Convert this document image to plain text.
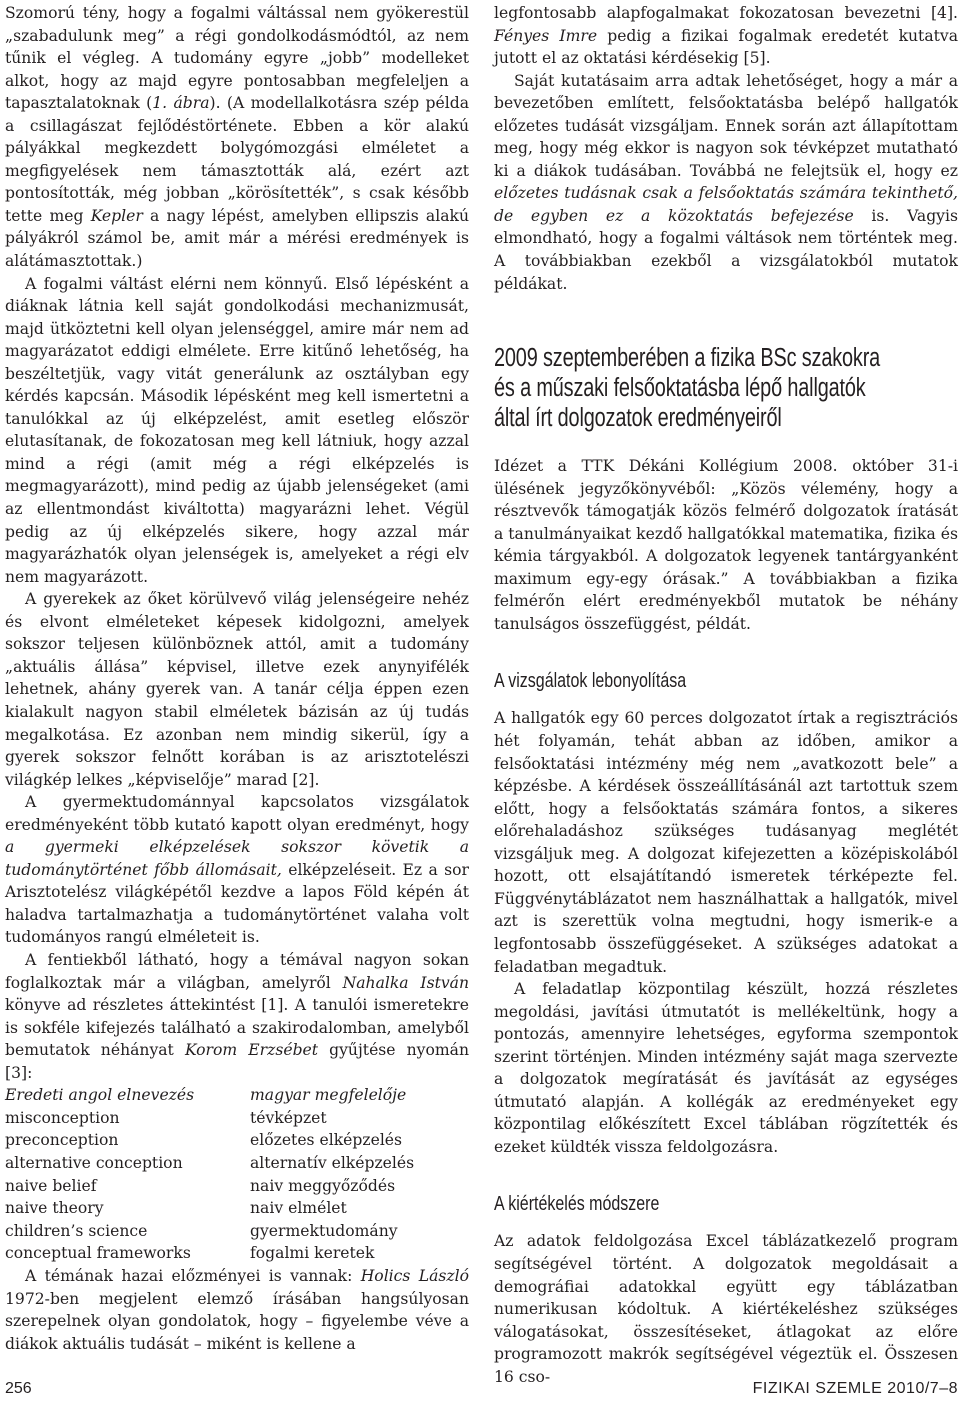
Szomorú tény, hogy a fogalmi váltással nem gyökerestül „szabadulunk meg” a régi gondolkodásmódtól, az nem tűnik el végleg. A tudomány egyre „jobb” modelleket alkot, hogy az majd egyre pontosabban megfeleljen a tapasztalatoknak (1. ábra). (A modellalkotásra szép példa a csillagászat fejlődéstörténete. Ebben a kör alakú pályákkal megkezdett bolygómozgási elméletet a megfigyelések nem támasztották alá, ezért azt pontosították, még jobban „körösítették”, s csak később tette meg Kepler a nagy lépést, amelyben ellipszis alakú pályákról számol be, amit már a mérési eredmények is alátámasztottak.)

A fogalmi váltást elérni nem könnyű. Első lépésként a diáknak látnia kell saját gondolkodási mechanizmusát, majd ütköztetni kell olyan jelenséggel, amire már nem ad magyarázatot eddigi elmélete. Erre kitűnő lehetőség, ha beszéltetjük, vagy vitát generálunk az osztályban egy kérdés kapcsán. Második lépésként meg kell ismertetni a tanulókkal az új elképzelést, amit esetleg először elutasítanak, de fokozatosan meg kell látniuk, hogy azzal mind a régi (amit még a régi elképzelés is megmagyarázott), mind pedig az újabb jelenségeket (ami az ellentmondást kiváltotta) magyarázni lehet. Végül pedig az új elképzelés sikere, hogy azzal már magyarázhatók olyan jelenségek is, amelyeket a régi elv nem magyarázott.

A gyerekek az őket körülvevő világ jelenségeire nehéz és elvont elméleteket képesek kidolgozni, amelyek sokszor teljesen különböznek attól, amit a tudomány „aktuális állása” képvisel, illetve ezek anynyifélék lehetnek, ahány gyerek van. A tanár célja éppen ezen kialakult nagyon stabil elméletek bázisán az új tudás megalkotása. Ez azonban nem mindig sikerül, így a gyerek sokszor felnőtt korában is az arisztotelészi világkép lelkes „képviselője” marad [2].

A gyermektudománnyal kapcsolatos vizsgálatok eredményeként több kutató kapott olyan eredményt, hogy a gyermeki elképzelések sokszor követik a tudománytörténet főbb állomásait, elképzeléseit. Ez a sor Arisztotelész világképétől kezdve a lapos Föld képén át haladva tartalmazhatja a tudománytörténet valaha volt tudományos rangú elméleteit is.

A fentiekből látható, hogy a témával nagyon sokan foglalkoztak már a világban, amelyről Nahalka István könyve ad részletes áttekintést [1]. A tanulói ismeretekre is sokféle kifejezés található a szakirodalomban, amelyből bemutatok néhányat Korom Erzsébet gyűjtése nyomán [3]:

Eredeti angol elnevezés	magyar megfelelője
misconception	tévképzet
preconception	előzetes elképzelés
alternative conception	alternatív elképzelés
naive belief	naiv meggyőződés
naive theory	naiv elmélet
children’s science	gyermektudomány
conceptual frameworks	fogalmi keretek

A témának hazai előzményei is vannak: Holics László 1972-ben megjelent elemző írásában hangsúlyosan szerepelnek olyan gondolatok, hogy – figyelembe véve a diákok aktuális tudását – miként is kellene a

legfontosabb alapfogalmakat fokozatosan bevezetni [4]. Fényes Imre pedig a fizikai fogalmak eredetét kutatva jutott el az oktatási kérdésekig [5].

Saját kutatásaim arra adtak lehetőséget, hogy a már a bevezetőben említett, felsőoktatásba belépő hallgatók előzetes tudását vizsgáljam. Ennek során azt állapítottam meg, hogy még ekkor is nagyon sok tévképzet mutatható ki a diákok tudásában. Továbbá ne felejtsük el, hogy ez előzetes tudásnak csak a felsőoktatás számára tekinthető, de egyben ez a közoktatás befejezése is. Vagyis elmondható, hogy a fogalmi váltások nem történtek meg. A továbbiakban ezekből a vizsgálatokból mutatok példákat.

2009 szeptemberében a fizika BSc szakokra
és a műszaki felsőoktatásba lépő hallgatók
által írt dolgozatok eredményeiről

Idézet a TTK Dékáni Kollégium 2008. október 31-i ülésének jegyzőkönyvéből: „Közös vélemény, hogy a résztvevők támogatják közös felmérő dolgozatok íratását a tanulmányaikat kezdő hallgatókkal matematika, fizika és kémia tárgyakból. A dolgozatok legyenek tantárgyanként maximum egy-egy órásak.” A továbbiakban a fizika felmérőn elért eredményekből mutatok be néhány tanulságos összefüggést, példát.

A vizsgálatok lebonyolítása

A hallgatók egy 60 perces dolgozatot írtak a regisztrációs hét folyamán, tehát abban az időben, amikor a felsőoktatási intézmény még nem „avatkozott bele” a képzésbe. A kérdések összeállításánál azt tartottuk szem előtt, hogy a felsőoktatás számára fontos, a sikeres előrehaladáshoz szükséges tudásanyag meglétét vizsgáljuk meg. A dolgozat kifejezetten a középiskolából hozott, ott elsajátítandó ismeretek térképezte fel. Függvénytáblázatot nem használhattak a hallgatók, mivel azt is szerettük volna megtudni, hogy ismerik-e a legfontosabb összefüggéseket. A szükséges adatokat a feladatban megadtuk.

A feladatlap központilag készült, hozzá részletes megoldási, javítási útmutatót is mellékeltünk, hogy a pontozás, amennyire lehetséges, egyforma szempontok szerint történjen. Minden intézmény saját maga szervezte a dolgozatok megíratását és javítását az egységes útmutató alapján. A kollégák az eredményeket egy központilag előkészített Excel táblában rögzítették és ezeket küldték vissza feldolgozásra.

A kiértékelés módszere

Az adatok feldolgozása Excel táblázatkezelő program segítségével történt. A dolgozatok megoldásait a demográfiai adatokkal együtt egy táblázatban numerikusan kódoltuk. A kiértékeléshez szükséges válogatásokat, összesítéseket, átlagokat az előre programozott makrók segítségével végeztük el. Összesen 16 cso-

256	FIZIKAI SZEMLE 2010/7–8
